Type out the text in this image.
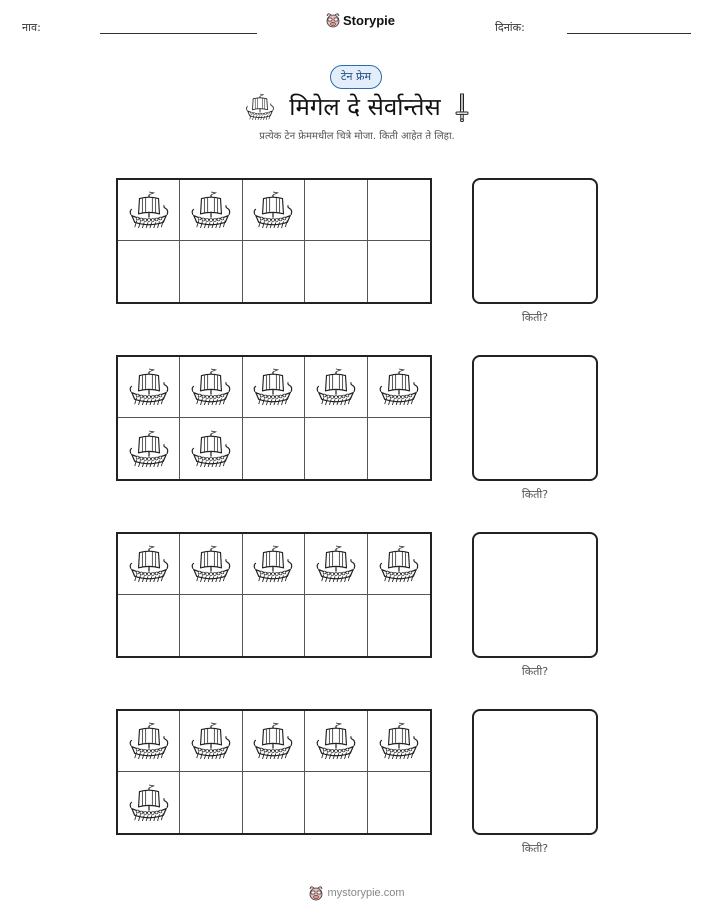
नाव:	Storypie	दिनांक:
टेन फ्रेम
मिगेल दे सेर्वान्तेस
प्रत्येक टेन फ्रेममधील चित्रे मोजा. किती आहेत ते लिहा.
किती?
किती?
किती?
किती?
mystorypie.com
